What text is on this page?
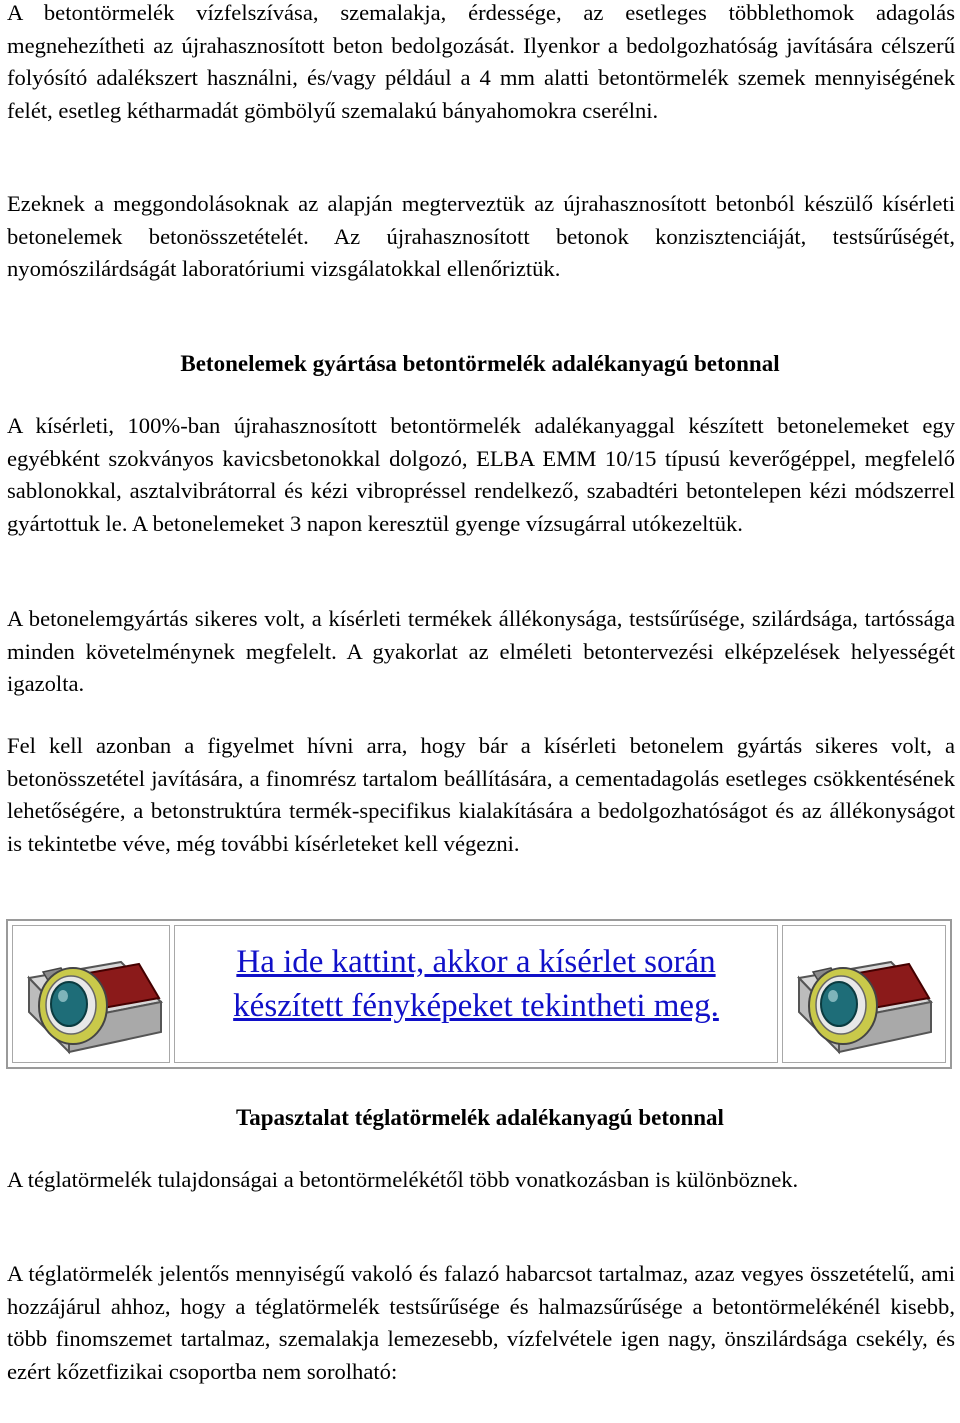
A betontörmelék vízfelszívása, szemalakja, érdessége, az esetleges többlethomok adagolás megnehezítheti az újrahasznosított beton bedolgozását. Ilyenkor a bedolgozhatóság javítására célszerű folyósító adalékszert használni, és/vagy például a 4 mm alatti betontörmelék szemek mennyiségének felét, esetleg kétharmadát gömbölyű szemalakú bányahomokra cserélni.

Ezeknek a meggondolásoknak az alapján megterveztük az újrahasznosított betonból készülő kísérleti betonelemek betonösszetételét. Az újrahasznosított betonok konzisztenciáját, testsűrűségét, nyomószilárdságát laboratóriumi vizsgálatokkal ellenőriztük.

Betonelemek gyártása betontörmelék adalékanyagú betonnal

A kísérleti, 100%-ban újrahasznosított betontörmelék adalékanyaggal készített betonelemeket egy egyébként szokványos kavicsbetonokkal dolgozó, ELBA EMM 10/15 típusú keverőgéppel, megfelelő sablonokkal, asztalvibrátorral és kézi vibropréssel rendelkező, szabadtéri betontelepen kézi módszerrel gyártottuk le. A betonelemeket 3 napon keresztül gyenge vízsugárral utókezeltük.

A betonelemgyártás sikeres volt, a kísérleti termékek állékonysága, testsűrűsége, szilárdsága, tartóssága minden követelménynek megfelelt. A gyakorlat az elméleti betontervezési elképzelések helyességét igazolta.

Fel kell azonban a figyelmet hívni arra, hogy bár a kísérleti betonelem gyártás sikeres volt, a betonösszetétel javítására, a finomrész tartalom beállítására, a cementadagolás esetleges csökkentésének lehetőségére, a betonstruktúra termék-specifikus kialakítására a bedolgozhatóságot és az állékonyságot is tekintetbe véve, még további kísérleteket kell végezni.

Ha ide kattint, akkor a kísérlet során
készített fényképeket tekintheti meg.
Tapasztalat téglatörmelék adalékanyagú betonnal

A téglatörmelék tulajdonságai a betontörmelékétől több vonatkozásban is különböznek.

A téglatörmelék jelentős mennyiségű vakoló és falazó habarcsot tartalmaz, azaz vegyes összetételű, ami hozzájárul ahhoz, hogy a téglatörmelék testsűrűsége és halmazsűrűsége a betontörmelékénél kisebb, több finomszemet tartalmaz, szemalakja lemezesebb, vízfelvétele igen nagy, önszilárdsága csekély, és ezért kőzetfizikai csoportba nem sorolható:
